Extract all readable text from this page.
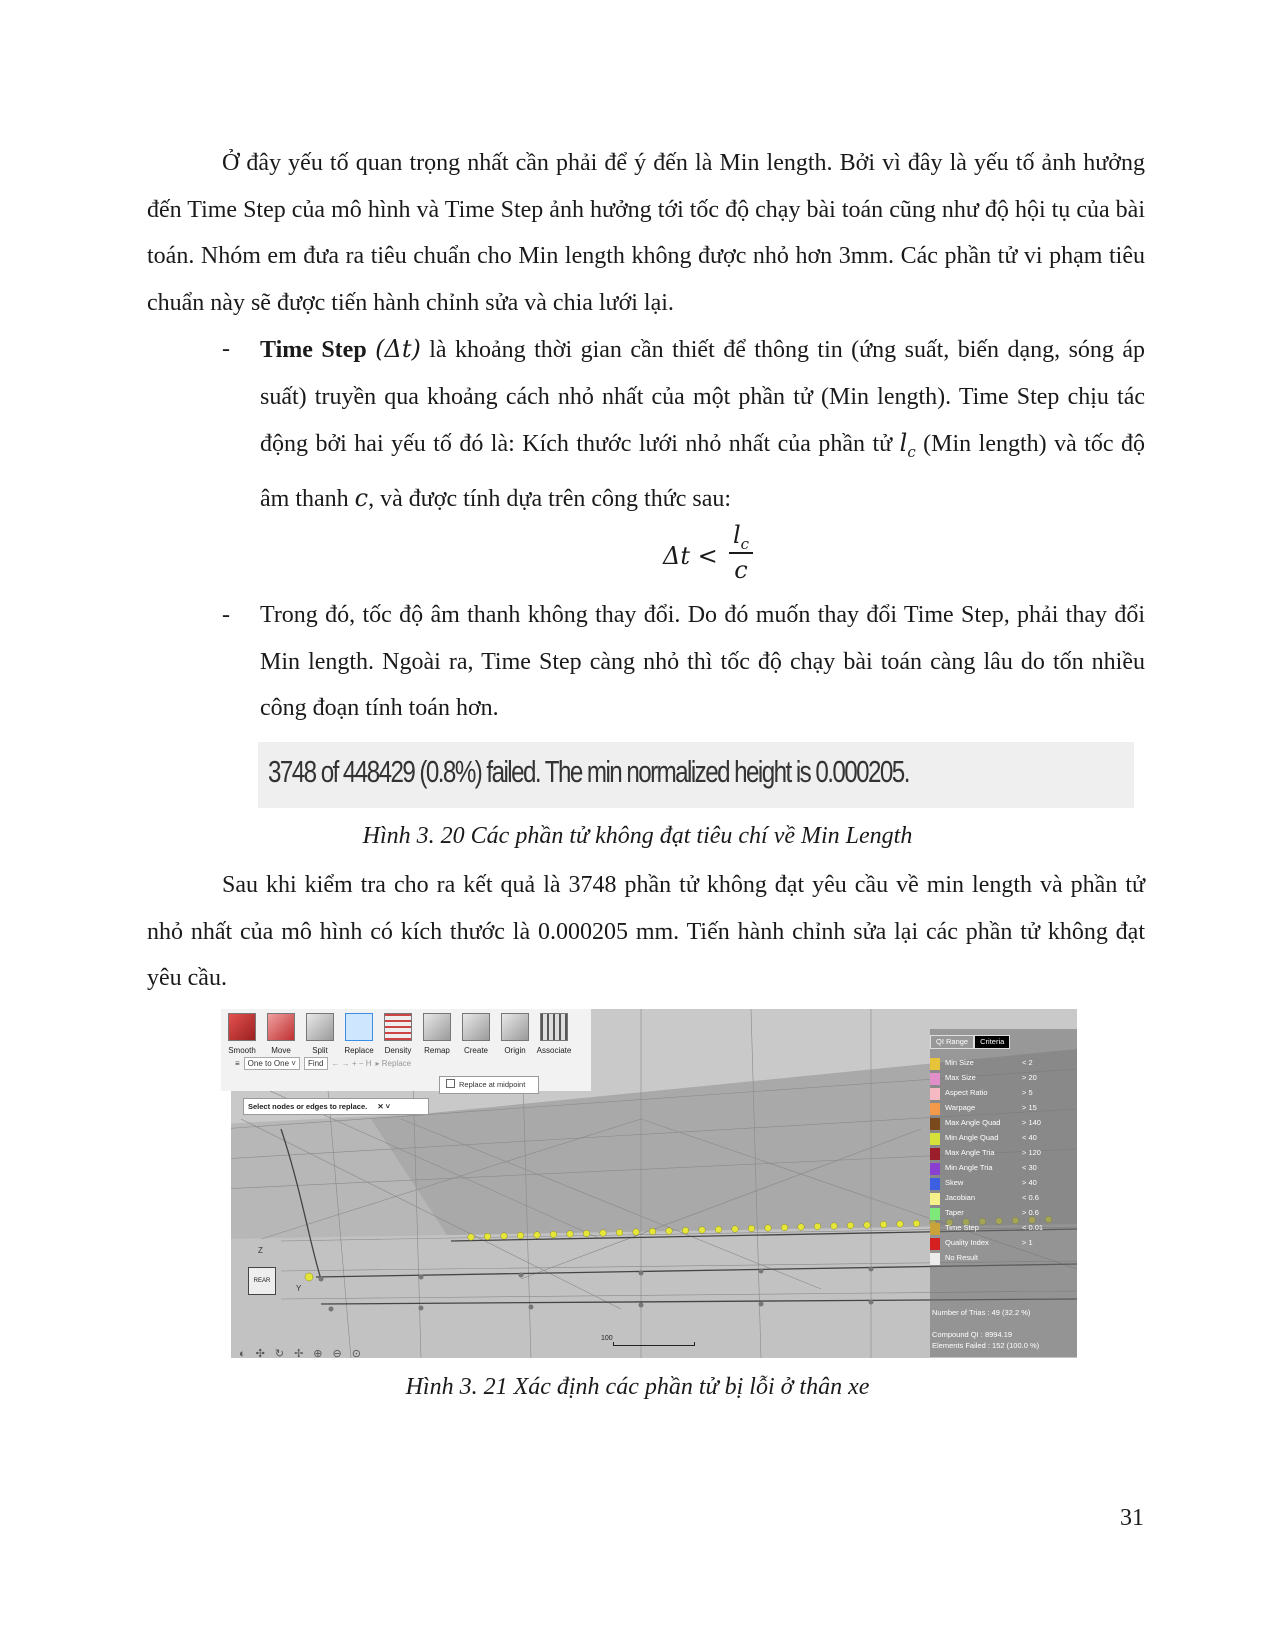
Ở đây yếu tố quan trọng nhất cần phải để ý đến là Min length. Bởi vì đây là yếu tố ảnh hưởng đến Time Step của mô hình và Time Step ảnh hưởng tới tốc độ chạy bài toán cũng như độ hội tụ của bài toán. Nhóm em đưa ra tiêu chuẩn cho Min length không được nhỏ hơn 3mm. Các phần tử vi phạm tiêu chuẩn này sẽ được tiến hành chỉnh sửa và chia lưới lại.

- Time Step (Δt) là khoảng thời gian cần thiết để thông tin (ứng suất, biến dạng, sóng áp suất) truyền qua khoảng cách nhỏ nhất của một phần tử (Min length). Time Step chịu tác động bởi hai yếu tố đó là: Kích thước lưới nhỏ nhất của phần tử $l_c$ (Min length) và tốc độ âm thanh c, và được tính dựa trên công thức sau:
Δt <
$l_c$
c
- Trong đó, tốc độ âm thanh không thay đổi. Do đó muốn thay đổi Time Step, phải thay đổi Min length. Ngoài ra, Time Step càng nhỏ thì tốc độ chạy bài toán càng lâu do tốn nhiều công đoạn tính toán hơn.
3748 of 448429 (0.8%) failed. The min normalized height is 0.000205.
Hình 3. 20 Các phần tử không đạt tiêu chí về Min Length

Sau khi kiểm tra cho ra kết quả là 3748 phần tử không đạt yêu cầu về min length và phần tử nhỏ nhất của mô hình có kích thước là 0.000205 mm. Tiến hành chỉnh sửa lại các phần tử không đạt yêu cầu.

Smooth	Move	Split	Replace	Density	Remap	Create	Origin	Associate
≡	One to One ˅	Find	← → + − H ▸ Replace
Replace at midpoint
Select nodes or edges to replace. ✕ ˅
QI Range	Criteria
Min Size	< 2
Max Size	> 20
Aspect Ratio	> 5
Warpage	> 15
Max Angle Quad	> 140
Min Angle Quad	< 40
Max Angle Tria	> 120
Min Angle Tria	< 30
Skew	> 40
Jacobian	< 0.6
Taper	> 0.6
Time Step	< 0.01
Quality Index	> 1
No Result
Number of Trias : 49 (32.2 %)
Compound QI : 8994.19
Elements Failed : 152 (100.0 %)
REAR
Z
Y
100
◐✣↻✢⊕⊖⊙
Hình 3. 21 Xác định các phần tử bị lỗi ở thân xe
31
